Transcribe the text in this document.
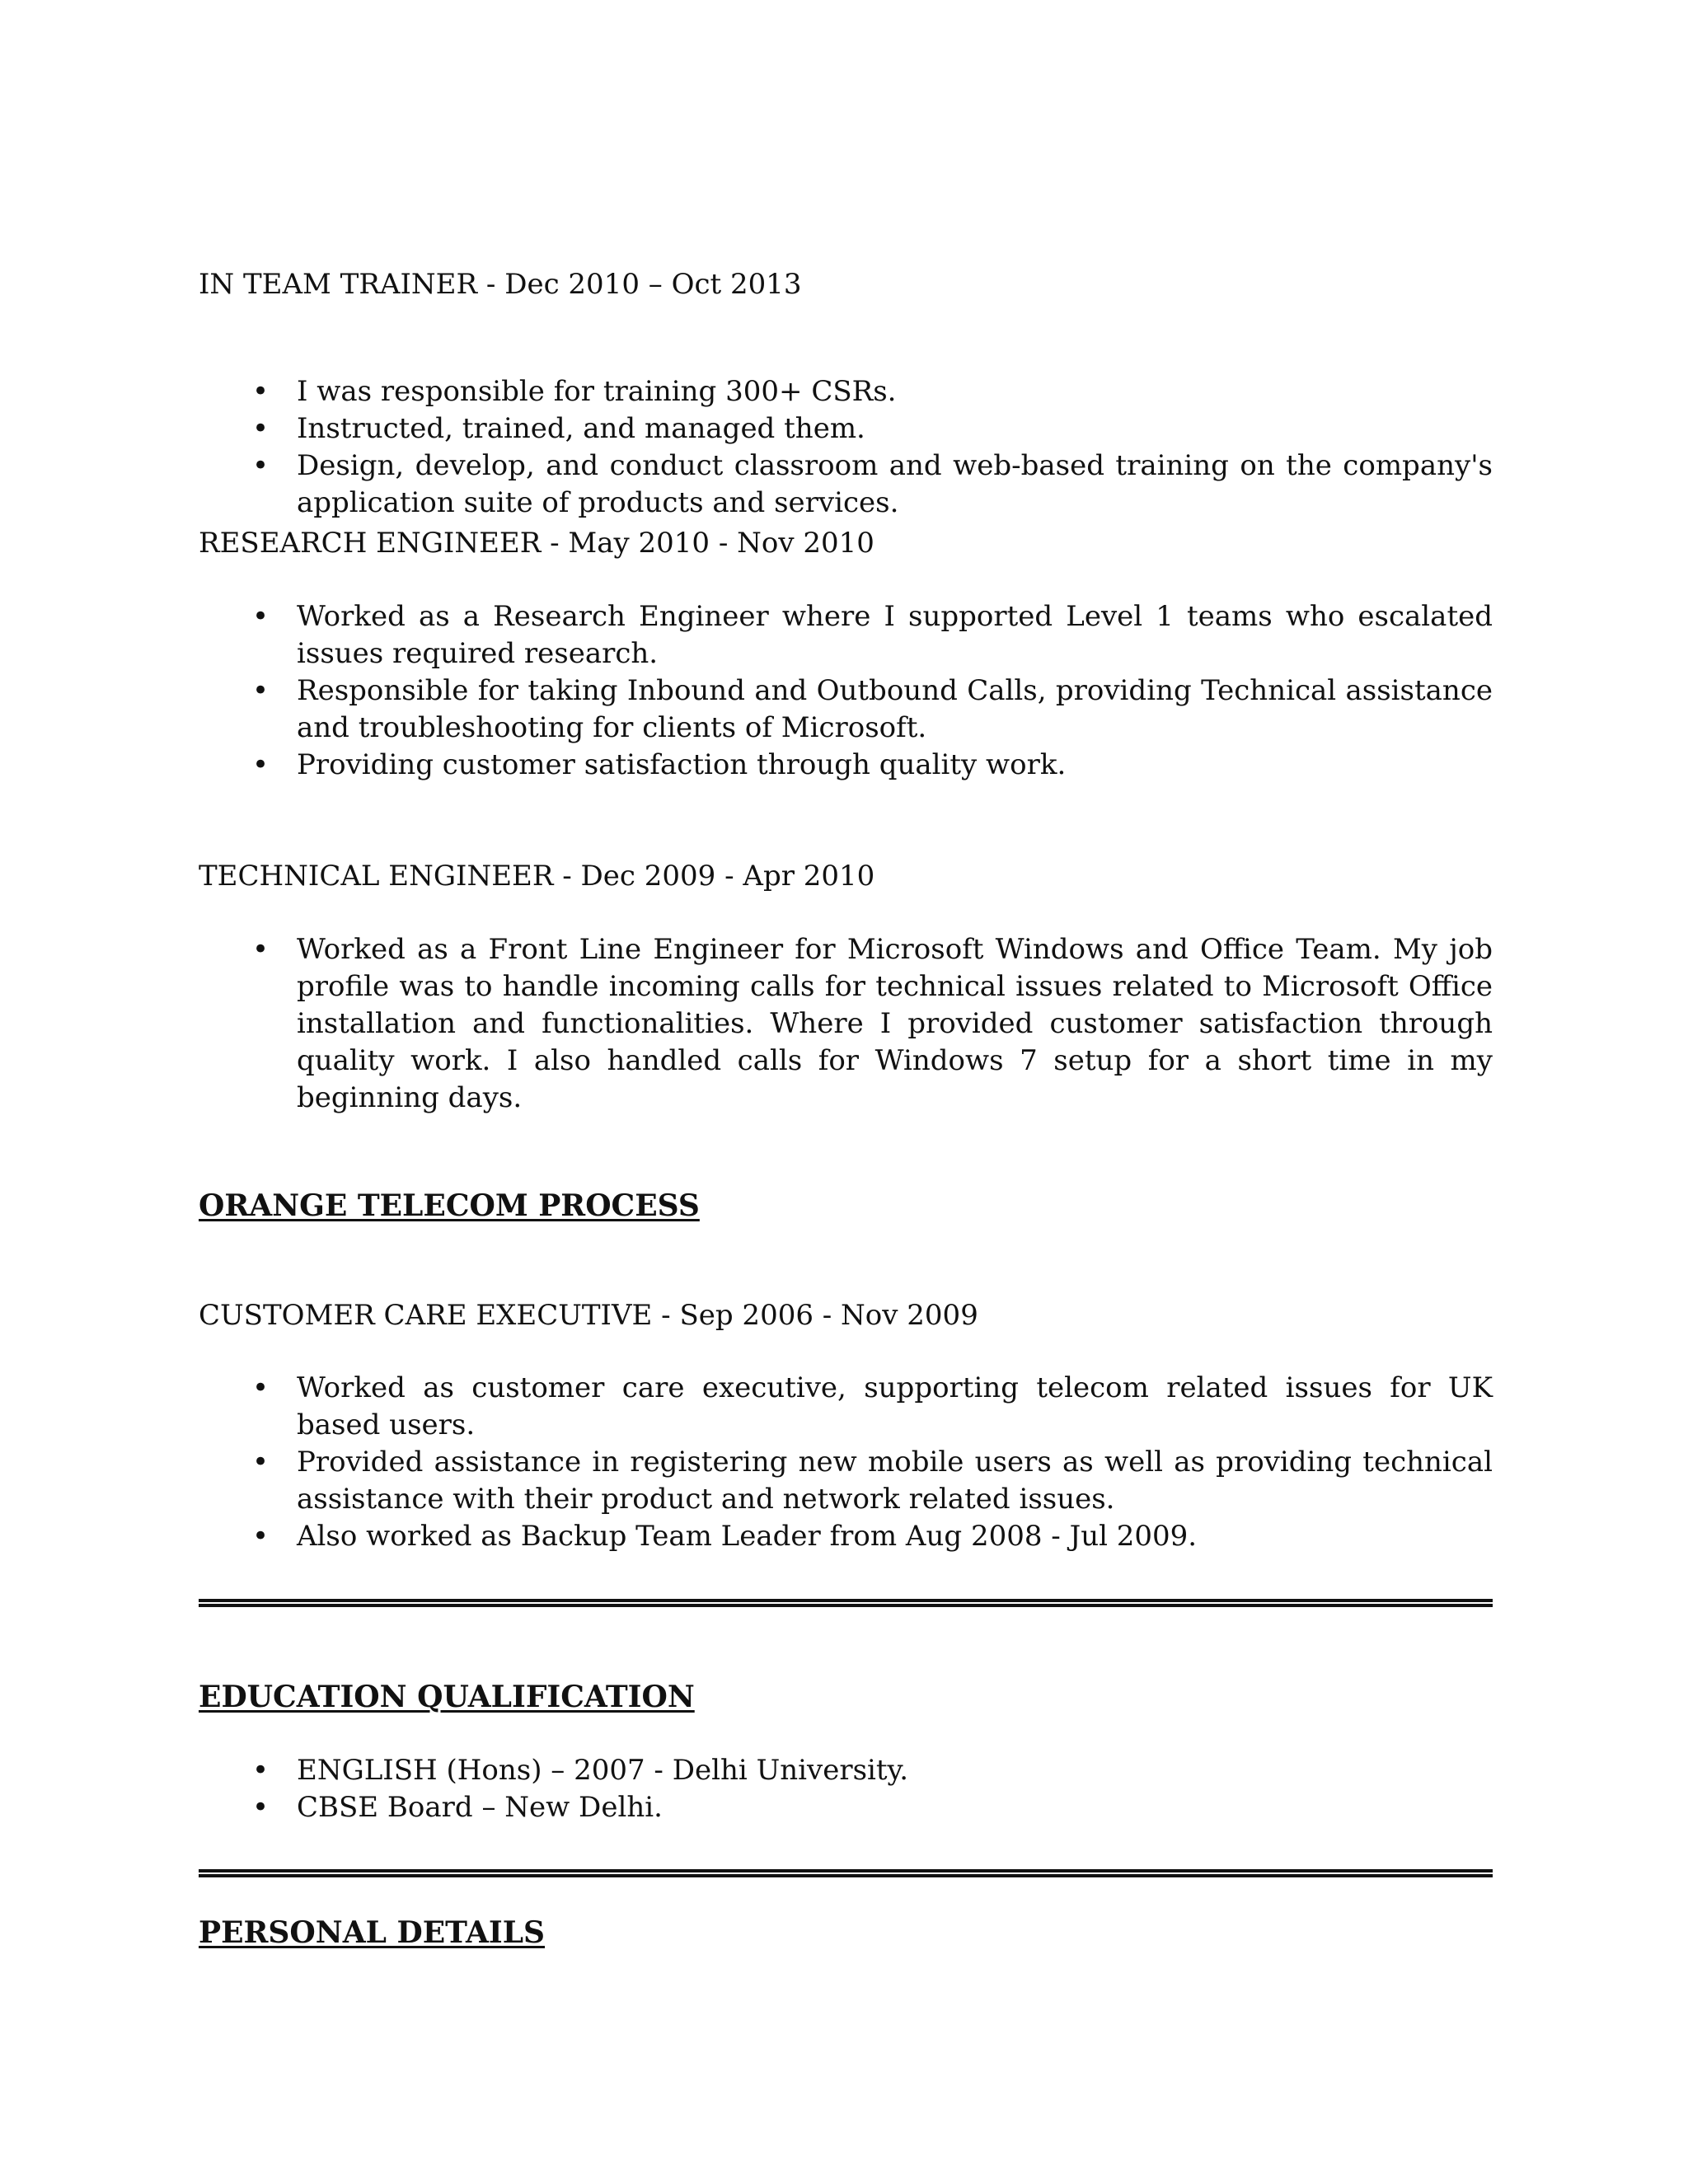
IN TEAM TRAINER - Dec 2010 – Oct 2013
• I was responsible for training 300+ CSRs.
• Instructed, trained, and managed them.
• Design, develop, and conduct classroom and web-based training on the company's application suite of products and services.
RESEARCH ENGINEER - May 2010 - Nov 2010
• Worked as a Research Engineer where I supported Level 1 teams who escalated issues required research.
• Responsible for taking Inbound and Outbound Calls, providing Technical assistance and troubleshooting for clients of Microsoft.
• Providing customer satisfaction through quality work.
TECHNICAL ENGINEER - Dec 2009 - Apr 2010
• Worked as a Front Line Engineer for Microsoft Windows and Office Team. My job profile was to handle incoming calls for technical issues related to Microsoft Office installation and functionalities. Where I provided customer satisfaction through quality work. I also handled calls for Windows 7 setup for a short time in my beginning days.
ORANGE TELECOM PROCESS
CUSTOMER CARE EXECUTIVE - Sep 2006 - Nov 2009
• Worked as customer care executive, supporting telecom related issues for UK based users.
• Provided assistance in registering new mobile users as well as providing technical assistance with their product and network related issues.
• Also worked as Backup Team Leader from Aug 2008 - Jul 2009.
EDUCATION QUALIFICATION
• ENGLISH (Hons) – 2007 - Delhi University.
• CBSE Board – New Delhi.
PERSONAL DETAILS
